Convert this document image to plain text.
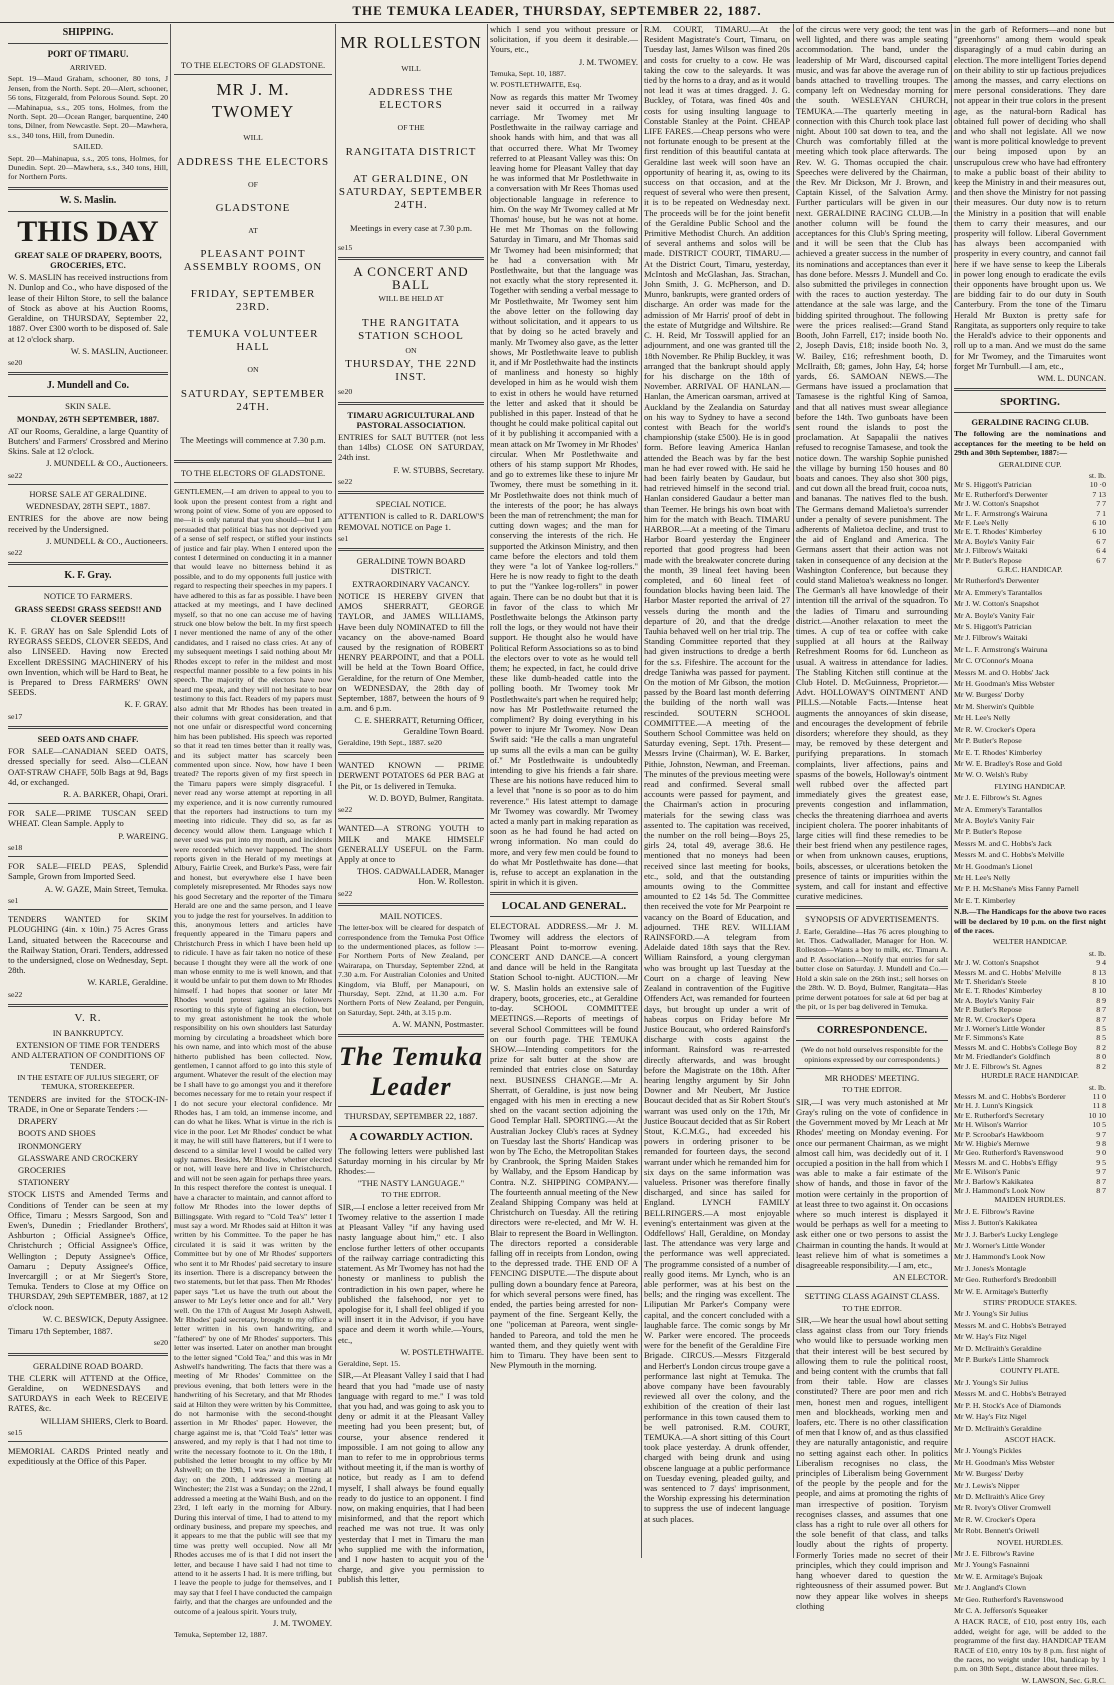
THE TEMUKA LEADER, THURSDAY, SEPTEMBER 22, 1887.
SHIPPING.
PORT OF TIMARU.

ARRIVED.

Sept. 19—Maud Graham, schooner, 80 tons, J Jensen, from the North. Sept. 20—Alert, schooner, 56 tons, Fitzgerald, from Pelorous Sound. Sept. 20—Mahinapua, s.s., 205 tons, Holmes, from the North. Sept. 20—Ocean Ranger, barquentine, 240 tons, Dilner, from Newcastle. Sept. 20—Mawhera, s.s., 340 tons, Hill, from Dunedin.

SAILED.

Sept. 20—Mahinapua, s.s., 205 tons, Holmes, for Dunedin. Sept. 20—Mawhera, s.s., 340 tons, Hill, for Northern Ports.

W. S. Maslin.
THIS DAY

GREAT SALE OF DRAPERY, BOOTS, GROCERIES, ETC.

W. S. MASLIN has received instructions from N. Dunlop and Co., who have disposed of the lease of their Hilton Store, to sell the balance of Stock as above at his Auction Rooms, Geraldine, on THURSDAY, September 22, 1887. Over £300 worth to be disposed of. Sale at 12 o'clock sharp.

W. S. MASLIN, Auctioneer.

se20

J. Mundell and Co.

SKIN SALE.

MONDAY, 26TH SEPTEMBER, 1887.

AT our Rooms, Geraldine, a large Quantity of Butchers' and Farmers' Crossbred and Merino Skins. Sale at 12 o'clock.

J. MUNDELL & CO., Auctioneers.

se22

HORSE SALE AT GERALDINE.

WEDNESDAY, 28TH SEPT., 1887.

ENTRIES for the above are now being received by the Undersigned.

J. MUNDELL & CO., Auctioneers.

se22

K. F. Gray.

NOTICE TO FARMERS.

GRASS SEEDS! GRASS SEEDS!! AND CLOVER SEEDS!!!

K. F. GRAY has on Sale Splendid Lots of RYEGRASS SEEDS, CLOVER SEEDS, And also LINSEED. Having now Erected Excellent DRESSING MACHINERY of his own Invention, which will be Hard to Beat, he is Prepared to Dress FARMERS' OWN SEEDS.

K. F. GRAY.

se17

SEED OATS AND CHAFF.

FOR SALE—CANADIAN SEED OATS, dressed specially for seed. Also—CLEAN OAT-STRAW CHAFF, 50lb Bags at 9d, Bags 4d, or exchanged.

R. A. BARKER, Ohapi, Orari.

FOR SALE—PRIME TUSCAN SEED WHEAT. Clean Sample. Apply to

P. WAREING.

se18

FOR SALE—FIELD PEAS, Splendid Sample, Grown from Imported Seed.

A. W. GAZE, Main Street, Temuka.

se1

TENDERS WANTED for SKIM PLOUGHING (4in. x 10in.) 75 Acres Grass Land, situated between the Racecourse and the Railway Station, Orari. Tenders, addressed to the undersigned, close on Wednesday, Sept. 28th.

W. KARLE, Geraldine.

se22

V. R.

IN BANKRUPTCY.

EXTENSION OF TIME FOR TENDERS AND ALTERATION OF CONDITIONS OF TENDER.

IN THE ESTATE OF JULIUS SIEGERT, OF TEMUKA, STOREKEEPER.

TENDERS are invited for the STOCK-IN-TRADE, in One or Separate Tenders :—

DRAPERY

BOOTS AND SHOES

IRONMONGERY

GLASSWARE AND CROCKERY

GROCERIES

STATIONERY

STOCK LISTS and Amended Terms and Conditions of Tender can be seen at my Office, Timaru ; Messrs Sargood, Son and Ewen's, Dunedin ; Friedlander Brothers', Ashburton ; Official Assignee's Office, Christchurch ; Official Assignee's Office, Wellington ; Deputy Assignee's Office, Oamaru ; Deputy Assignee's Office, Invercargill ; or at Mr Siegert's Store, Temuka. Tenders to Close at my Office on THURSDAY, 29th SEPTEMBER, 1887, at 12 o'clock noon.

W. C. BESWICK, Deputy Assignee.

Timaru 17th September, 1887.

se20

GERALDINE ROAD BOARD.

THE CLERK will ATTEND at the Office, Geraldine, on WEDNESDAYS and SATURDAYS in each Week to RECEIVE RATES, &c.

WILLIAM SHIERS, Clerk to Board.

se15

MEMORIAL CARDS Printed neatly and expeditiously at the Office of this Paper.

TO THE ELECTORS OF GLADSTONE.

MR J. M. TWOMEY

WILL

ADDRESS THE ELECTORS

OF

GLADSTONE

AT

PLEASANT POINT ASSEMBLY ROOMS, ON
FRIDAY, SEPTEMBER 23RD.
TEMUKA VOLUNTEER HALL

ON

SATURDAY, SEPTEMBER 24TH.

The Meetings will commence at 7.30 p.m.

TO THE ELECTORS OF GLADSTONE.

GENTLEMEN,—I am driven to appeal to you to look upon the present contest from a right and wrong point of view. Some of you are opposed to me—it is only natural that you should—but I am persuaded that political bias has not deprived you of a sense of self respect, or stifled your instincts of justice and fair play. When I entered upon the contest I determined on conducting it in a manner that would leave no bitterness behind it as possible, and to do my opponents full justice with regard to respecting their speeches in my papers. I have adhered to this as far as possible. I have been attacked at my meetings, and I have declined myself, so that no one can accuse me of having struck one blow below the belt. In my first speech I never mentioned the name of any of the other candidates, and I raised no class cries. At any of my subsequent meetings I said nothing about Mr Rhodes except to refer in the mildest and most respectful manner possible to a few points in his speech. The majority of the electors have now heard me speak, and they will not hesitate to bear testimony to this fact. Readers of my papers must also admit that Mr Rhodes has been treated in their columns with great consideration, and that not one unfair or disrespectful word concerning him has been published. His speech was reported so that it read ten times better than it really was, and its subject matter has scarcely been commented upon since. Now, how have I been treated? The reports given of my first speech in the Timaru papers were simply disgraceful. I never read any worse attempt at reporting in all my experience, and it is now currently rumoured that the reporters had instructions to turn my meeting into ridicule. They did so, as far as decency would allow them. Language which I never used was put into my mouth, and incidents were recorded which never happened. The short reports given in the Herald of my meetings at Albury, Fairlie Creek, and Burke's Pass, were fair and honest, but everywhere else I have been completely misrepresented. Mr Rhodes says now his good Secretary and the reporter of the Timaru Herald are one and the same person, and I leave you to judge the rest for yourselves. In addition to this, anonymous letters and articles have frequently appeared in the Timaru papers and Christchurch Press in which I have been held up to ridicule. I have as fair taken no notice of these because I thought they were all the work of one man whose enmity to me is well known, and that it would be unfair to put them down to Mr Rhodes himself. I had hopes that sooner or later Mr Rhodes would protest against his followers resorting to this style of fighting an election, but to my great astonishment he took the whole responsibility on his own shoulders last Saturday morning by circulating a broadsheet which bore his own name, and into which most of the abuse hitherto published has been collected. Now, gentlemen, I cannot afford to go into this style of argument. Whatever the result of the election may be I shall have to go amongst you and it therefore becomes necessary for me to retain your respect if I do not secure your electoral confidence. Mr Rhodes has, I am told, an immense income, and can do what he likes. What is virtue in the rich is vice in the poor. Let Mr Rhodes' conduct be what it may, he will still have flatterers, but if I were to descend to a similar level I would be called very ugly names. Besides, Mr Rhodes, whether elected or not, will leave here and live in Christchurch, and will not be seen again for perhaps three years. In this respect therefore the contest is unequal. I have a character to maintain, and cannot afford to follow Mr Rhodes into the lower depths of Billingsgate. With regard to "Cold Tea's" letter I must say a word. Mr Rhodes said at Hilton it was written by his Committee. To the paper he has circulated it is said it was written by the Committee but by one of Mr Rhodes' supporters who sent it to Mr Rhodes' paid secretary to insure its insertion. There is a discrepancy between the two statements, but let that pass. Then Mr Rhodes' paper says "Let us have the truth out about the answer to Mr Ley's letter once and for all." Very well. On the 17th of August Mr Joseph Ashwell, Mr Rhodes' paid secretary, brought to my office a letter written in his own handwriting, and "fathered" by one of Mr Rhodes' supporters. This letter was inserted. Later on another man brought to the letter signed "Cold Tea," and this was in Mr Ashwell's handwriting. The facts that there was a meeting of Mr Rhodes' Committee on the previous evening, that both letters were in the handwriting of his Secretary, and that Mr Rhodes said at Hilton they were written by his Committee, do not harmonise with the second-thought assertion in Mr Rhodes' paper. However, the charge against me is, that "Cold Tea's" letter was answered, and my reply is that I had not time to write the necessary footnote to it. On the 18th, I published the letter brought to my office by Mr Ashwell; on the 19th, I was away in Timaru all day; on the 20th, I addressed a meeting at Winchester; the 21st was a Sunday; on the 22nd, I addressed a meeting at the Waihi Bush, and on the 23rd, I left early in the morning for Albury. During this interval of time, I had to attend to my ordinary business, and prepare my speeches, and it appears to me that the public will see that my time was pretty well occupied. Now all Mr Rhodes accuses me of is that I did not insert the letter, and because I have said I had not time to attend to it he asserts I had. It is mere trifling, but I leave the people to judge for themselves, and I may say that I feel I have conducted the campaign fairly, and that the charges are unfounded and the outcome of a jealous spirit. Yours truly,

J. M. TWOMEY.

Temuka, September 12, 1887.

MR ROLLESTON

WILL

ADDRESS THE ELECTORS

OF THE

RANGITATA DISTRICT
AT GERALDINE, ON SATURDAY, SEPTEMBER 24TH.

Meetings in every case at 7.30 p.m.

se15

A CONCERT AND BALL

WILL BE HELD AT

THE RANGITATA STATION SCHOOL

ON

THURSDAY, THE 22ND INST.

se20

TIMARU AGRICULTURAL AND PASTORAL ASSOCIATION.

ENTRIES for SALT BUTTER (not less than 14lbs) CLOSE ON SATURDAY, 24th inst.

F. W. STUBBS, Secretary.

se22

SPECIAL NOTICE.

ATTENTION is called to R. DARLOW'S REMOVAL NOTICE on Page 1.

se1

GERALDINE TOWN BOARD DISTRICT.

EXTRAORDINARY VACANCY.

NOTICE IS HEREBY GIVEN that AMOS SHERRATT, GEORGE TAYLOR, and JAMES WILLIAMS, Have been duly NOMINATED to fill the vacancy on the above-named Board caused by the resignation of ROBERT HENRY PEARPOINT, and that a POLL will be held at the Town Board Office, Geraldine, for the return of One Member, on WEDNESDAY, the 28th day of September, 1887, between the hours of 9 a.m. and 6 p.m.

C. E. SHERRATT, Returning Officer, Geraldine Town Board.

Geraldine, 19th Sept., 1887. se20

WANTED KNOWN — PRIME DERWENT POTATOES 6d PER BAG at the Pit, or 1s delivered in Temuka.

W. D. BOYD, Bulmer, Rangitata.

se22

WANTED—A STRONG YOUTH to MILK and MAKE HIMSELF GENERALLY USEFUL on the Farm. Apply at once to

THOS. CADWALLADER, Manager Hon. W. Rolleston.

se22

MAIL NOTICES.

The letter-box will be cleared for despatch of correspondence from the Temuka Post Office to the undermentioned places, as follow :— For Northern Ports of New Zealand, per Wairarapa, on Thursday, September 22nd, at 7.30 a.m. For Australian Colonies and United Kingdom, via Bluff, per Manapouri, on Thursday, Sept. 22nd, at 11.30 a.m. For Northern Ports of New Zealand, per Penguin, on Saturday, Sept. 24th, at 3.15 p.m.

A. W. MANN, Postmaster.

The Temuka Leader

THURSDAY, SEPTEMBER 22, 1887.

A COWARDLY ACTION.

The following letters were published last Saturday morning in his circular by Mr Rhodes:—

"THE NASTY LANGUAGE."

TO THE EDITOR.

SIR,—I enclose a letter received from Mr Twomey relative to the assertion I made at Pleasant Valley "if any having used nasty language about him," etc. I also enclose further letters of other occupants of the railway carriage contradicting this statement. As Mr Twomey has not had the honesty or manliness to publish the contradiction in his own paper, where he published the falsehood, nor yet to apologise for it, I shall feel obliged if you will insert it in the Advisor, if you have space and deem it worth while.—Yours, etc.,

W. POSTLETHWAITE.

Geraldine, Sept. 15.

SIR,—At Pleasant Valley I said that I had heard that you had "made use of nasty language with regard to me." I was told that you had, and was going to ask you to deny or admit it at the Pleasant Valley meeting had you been present; but, of course, your absence rendered it impossible. I am not going to allow any man to refer to me in opprobrious terms without meeting it, if the man is worthy of notice, but ready as I am to defend myself, I shall always be found equally ready to do justice to an opponent. I find now, on making enquiries, that I had been misinformed, and that the report which reached me was not true. It was only yesterday that I met in Timaru the man who supplied me with the information, and I now hasten to acquit you of the charge, and give you permission to publish this letter,

which I send you without pressure or solicitation, if you deem it desirable.—Yours, etc.,

J. M. TWOMEY.

Temuka, Sept. 10, 1887.

W. POSTLETHWAITE, Esq.

Now as regards this matter Mr Twomey never said it occurred in a railway carriage. Mr Twomey met Mr Postlethwaite in the railway carriage and shook hands with him, and that was all that occurred there. What Mr Twomey referred to at Pleasant Valley was this: On leaving home for Pleasant Valley that day he was informed that Mr Postlethwaite in a conversation with Mr Rees Thomas used objectionable language in reference to him. On the way Mr Twomey called at Mr Thomas' house, but he was not at home. He met Mr Thomas on the following Saturday in Timaru, and Mr Thomas said Mr Twomey had been misinformed; that he had a conversation with Mr Postlethwaite, but that the language was not exactly what the story represented it. Together with sending a verbal message to Mr Postlethwaite, Mr Twomey sent him the above letter on the following day without solicitation, and it appears to us that by doing so he acted bravely and manly. Mr Twomey also gave, as the letter shows, Mr Postlethwaite leave to publish it, and if Mr Postlethwaite had the instincts of manliness and honesty so highly developed in him as he would wish them to exist in others he would have returned the letter and asked that it should be published in this paper. Instead of that he thought he could make political capital out of it by publishing it accompanied with a mean attack on Mr Twomey in Mr Rhodes' circular. When Mr Postlethwaite and others of his stamp support Mr Rhodes, and go to extremes like these to injure Mr Twomey, there must be something in it. Mr Postlethwaite does not think much of the interests of the poor; he has always been the man of retrenchment; the man for cutting down wages; and the man for conserving the interests of the rich. He supported the Atkinson Ministry, and then came before the electors and told them they were "a lot of Yankee log-rollers." Here he is now ready to fight to the death to put the "Yankee log-rollers" in power again. There can be no doubt but that it is in favor of the class to which Mr Postlethwaite belongs the Atkinson party roll the logs, or they would not have their support. He thought also he would have Political Reform Associations so as to bind the electors over to vote as he would tell them; he expected, in fact, he could drive these like dumb-headed cattle into the polling booth. Mr Twomey took Mr Postlethwaite's part when he required help; now has Mr Postlethwaite returned the compliment? By doing everything in his power to injure Mr Twomey. Now Dean Swift said: "He the calls a man ungrateful up sums all the evils a man can be guilty of." Mr Postlethwaite is undoubtedly intending to give his friends a fair share. These are his notions have reduced him to a level that "none is so poor as to do him reverence." His latest attempt to damage Mr Twomey was cowardly. Mr Twomey acted a manly part in making reparation as soon as he had found he had acted on wrong information. No man could do more, and very few men could be found to do what Mr Postlethwaite has done—that is, refuse to accept an explanation in the spirit in which it is given.

LOCAL AND GENERAL.

ELECTORAL ADDRESS.—Mr J. M. Twomey will address the electors of Pleasant Point to-morrow evening. CONCERT AND DANCE.—A concert and dance will be held in the Rangitata Station School to-night. AUCTION.—Mr W. S. Maslin holds an extensive sale of drapery, boots, groceries, etc., at Geraldine to-day. SCHOOL COMMITTEE MEETINGS.—Reports of meetings of several School Committees will be found on our fourth page. THE TEMUKA SHOW.—Intending competitors for the prize for salt butter at the show are reminded that entries close on Saturday next. BUSINESS CHANGE.—Mr A. Sherratt, of Geraldine, is just now being engaged with his men in erecting a new shed on the vacant section adjoining the Good Templar Hall. SPORTING.—At the Australian Jockey Club's races at Sydney on Tuesday last the Shorts' Handicap was won by The Echo, the Metropolitan Stakes by Cranbrook, the Spring Maiden Stakes by Wallaby, and the Epsom Handicap by Contra. N.Z. SHIPPING COMPANY.—The fourteenth annual meeting of the New Zealand Shipping Company was held at Christchurch on Tuesday. All the retiring directors were re-elected, and Mr W. H. Blair to represent the Board in Wellington. The directors reported a considerable falling off in receipts from London, owing to the depressed trade. THE END OF A FENCING DISPUTE.—The dispute about pulling down a boundary fence at Pareora, for which several persons were fined, has ended, the parties being arrested for non-payment of the fine. Sergeant Kelly, the one "policeman at Pareora, went single-handed to Pareora, and told the men he wanted them, and they quietly went with him to Timaru. They have been sent to New Plymouth in the morning.

R.M. COURT, TIMARU.—At the Resident Magistrate's Court, Timaru, on Tuesday last, James Wilson was fined 20s and costs for cruelty to a cow. He was taking the cow to the saleyards. It was tied by the horns to a dray, and as it would not lead it was at times dragged. J. G. Buckley, of Totara, was fined 40s and costs for using insulting language to Constable Stanley at the Point. CHEAP LIFE FARES.—Cheap persons who were not fortunate enough to be present at the first rendition of this beautiful cantata at Geraldine last week will soon have an opportunity of hearing it, as, owing to its success on that occasion, and at the request of several who were then present, it is to be repeated on Wednesday next. The proceeds will be for the joint benefit of the Geraldine Public School and the Primitive Methodist Church. An addition of several anthems and solos will be made. DISTRICT COURT, TIMARU.—At the District Court, Timaru, yesterday, McIntosh and McGlashan, Jas. Strachan, John Smith, J. G. McPherson, and D. Munro, bankrupts, were granted orders of discharge. An order was made for the admission of Mr Harris' proof of debt in the estate of Mutgridge and Wiltshire. Re C. H. Reid, Mr Tosswill applied for an adjournment, and one was granted till the 18th November. Re Philip Buckley, it was arranged that the bankrupt should apply for his discharge on the 18th of November. ARRIVAL OF HANLAN.—Hanlan, the American oarsman, arrived at Auckland by the Zealandia on Saturday on his way to Sydney to have a second contest with Beach for the world's championship (stake £500). He is in good form. Before leaving America Hanlan attended the Beach was by far the best man he had ever rowed with. He said he had been fairly beaten by Gaudaur, but had retrieved himself in the second trial. Hanlan considered Gaudaur a better man than Teemer. He brings his own boat with him for the match with Beach. TIMARU HARBOR.—At a meeting of the Timaru Harbor Board yesterday the Engineer reported that good progress had been made with the breakwater concrete during the month, 39 lineal feet having been completed, and 60 lineal feet of foundation blocks having been laid. The Harbor Master reported the arrival of 27 vessels during the month and the departure of 20, and that the dredge Tauhia behaved well on her trial trip. The Standing Committee reported that they had given instructions to dredge a berth for the s.s. Fifeshire. The account for the dredge Taniwha was passed for payment. On the motion of Mr Gibson, the motion passed by the Board last month deferring the building of the north wall was rescinded. SOUTERN SCHOOL COMMITTEE.—A meeting of the Southern School Committee was held on Saturday evening, Sept. 17th. Present—Messrs Irvine (Chairman), W. E. Barker, Pithie, Johnston, Newman, and Freeman. The minutes of the previous meeting were read and confirmed. Several small accounts were passed for payment, and the Chairman's action in procuring materials for the sewing class was assented to. The capitation was received, the number on the roll being—Boys 25, girls 24, total 49, average 38.6. He mentioned that no moneys had been received since last meeting for books, etc., sold, and that the outstanding amounts owing to the Committee amounted to £2 14s 5d. The Committee then received the vote for Mr Pearpoint re vacancy on the Board of Education, and adjourned. THE REV. WILLIAM RAINSFORD.—A telegram from Adelaide dated 18th says that the Rev. William Rainsford, a young clergyman who was brought up last Tuesday at the Court on a charge of leaving New Zealand in contravention of the Fugitive Offenders Act, was remanded for fourteen days, but brought up under a writ of habeas corpus on Friday before Mr Justice Boucaut, who ordered Rainsford's discharge with costs against the informant. Rainsford was re-arrested directly afterwards, and was brought before the Magistrate on the 18th. After hearing lengthy argument by Sir John Downer and Mr Neubert, Mr Justice Boucaut decided that as Sir Robert Stout's warrant was used only on the 17th, Mr Justice Boucaut decided that as Sir Robert Stout, K.C.M.G., had exceeded his powers in ordering prisoner to be remanded for fourteen days, the second warrant under which he remanded him for six days on the same information was valueless. Prisoner was therefore finally discharged, and since has sailed for England. LYNCH FAMILY BELLRINGERS.—A most enjoyable evening's entertainment was given at the Oddfellows' Hall, Geraldine, on Monday last. The attendance was very large and the performance was well appreciated. The programme consisted of a number of really good items. Mr Lynch, who is an able performer, was at his best on the bells; and the ringing was excellent. The Liliputian Mr Parker's Company were capital, and the concert concluded with a laughable farce. The comic songs by Mr W. Parker were encored. The proceeds were for the benefit of the Geraldine Fire Brigade. CIRCUS.—Messrs Fitzgerald and Herbert's London circus troupe gave a performance last night at Temuka. The above company have been favourably reviewed all over the colony, and the exhibition of the creation of their last performance in this town caused them to be well patronised. R.M. COURT, TEMUKA.—A short sitting of this Court took place yesterday. A drunk offender, charged with being drunk and using obscene language at a public performance on Tuesday evening, pleaded guilty, and was sentenced to 7 days' imprisonment, the Worship expressing his determination to suppress the use of indecent language at such places.

of the circus were very good; the tent was well lighted, and there was ample seating accommodation. The band, under the leadership of Mr Ward, discoursed capital music, and was far above the average run of bands attached to travelling troupes. The company left on Wednesday morning for the south. WESLEYAN CHURCH, TEMUKA.—The quarterly meeting in connection with this Church took place last night. About 100 sat down to tea, and the Church was comfortably filled at the meeting which took place afterwards. The Rev. W. G. Thomas occupied the chair. Speeches were delivered by the Chairman, the Rev. Mr Dickson, Mr J. Brown, and Captain Kissel, of the Salvation Army. Further particulars will be given in our next. GERALDINE RACING CLUB.—In another column will be found the acceptances for this Club's Spring meeting, and it will be seen that the Club has achieved a greater success in the number of its nominations and acceptances than ever it has done before. Messrs J. Mundell and Co. also submitted the privileges in connection with the races to auction yesterday. The attendance at the sale was large, and the bidding spirited throughout. The following were the prices realised:—Grand Stand Booth, John Farrell, £17; inside booth No. 2, Joseph Davis, £18; inside booth No. 3, W. Bailey, £16; refreshment booth, D. McIlraith, £8; games, John Hay, £4; horse yards, £6. SAMOAN NEWS.—The Germans have issued a proclamation that Tamasese is the rightful King of Samoa, and that all natives must swear allegiance before the 14th. Two gunboats have been sent round the islands to post the proclamation. At Sapapalii the natives refused to recognise Tamasese, and took the notice down. The warship Sophie punished the village by burning 150 houses and 80 boats and canoes. They also shot 300 pigs, and cut down all the bread fruit, cocoa nuts, and bananas. The natives fled to the bush. The Germans demand Malietoa's surrender under a penalty of severe punishment. The adherents of Malietoa decline, and trust to the aid of England and America. The Germans assert that their action was not taken in consequence of any decision at the Washington Conference, but because they could stand Malietoa's weakness no longer. The German's all have knowledge of their intention till the arrival of the squadron. To the ladies of Timaru and surrounding district.—Another relaxation to meet the times. A cup of tea or coffee with cake supplied at all hours at the Railway Refreshment Rooms for 6d. Luncheon as usual. A waitress in attendance for ladies. The Stabling Kitchen still continue at the Club Hotel. D. McGuinness, Proprietor.—Advt. HOLLOWAY'S OINTMENT AND PILLS.—Notable Facts.—Intense heat augments the annoyances of skin disease, and encourages the development of febrile disorders; wherefore they should, as they may, be removed by these detergent and purifying preparations. In stomach complaints, liver affections, pains and spasms of the bowels, Holloway's ointment well rubbed over the affected part immediately gives the greatest ease, prevents congestion and inflammation, checks the threatening diarrhoea and averts incipient cholera. The poorer inhabitants of large cities will find these remedies to be their best friend when any pestilence rages, or when from unknown causes, eruptions, boils, abscesses, or ulcerations betoken the presence of taints or impurities within the system, and call for instant and effective curative medicines.

SYNOPSIS OF ADVERTISEMENTS.

J. Earle, Geraldine—Has 76 acres ploughing to let. Thos. Cadwallader, Manager for Hon. W. Rolleston—Wants a boy to milk, etc. Timaru A. and P. Association—Notify that entries for salt butter close on Saturday. J. Mundell and Co.—Hold a skin sale on the 26th inst.; sell horses on the 28th. W. D. Boyd, Bulmer, Rangitata—Has prime derwent potatoes for sale at 6d per bag at the pit, or 1s per bag delivered in Temuka.

CORRESPONDENCE.

(We do not hold ourselves responsible for the opinions expressed by our correspondents.)

MR RHODES' MEETING.

TO THE EDITOR.

SIR,—I was very much astonished at Mr Gray's ruling on the vote of confidence in the Government moved by Mr Leach at Mr Rhodes' meeting on Monday evening. For once our permanent Chairman, as we might almost call him, was decidedly out of it. I occupied a position in the hall from which I was able to make a fair estimate of the show of hands, and those in favor of the motion were certainly in the proportion of at least three to two against it. On occasions where so much interest is displayed it would be perhaps as well for a meeting to ask either one or two persons to assist the Chairman in counting the hands. It would at least relieve him of what is sometimes a disagreeable responsibility.—I am, etc.,

AN ELECTOR.

SETTING CLASS AGAINST CLASS.

TO THE EDITOR.

SIR,—We hear the usual howl about setting class against class from our Tory friends who would like to persuade working men that their interest will be best secured by allowing them to rule the political roost, and being content with the crumbs that fall from their table. How are classes constituted? There are poor men and rich men, honest men and rogues, intelligent men and blockheads, working men and loafers, etc. There is no other classification of men that I know of, and as thus classified they are naturally antagonistic, and require no setting against each other. In politics Liberalism recognises no class, the principles of Liberalism being Government of the people by the people and for the people, and aims at promoting the rights of man irrespective of position. Toryism recognises classes, and assumes that one class has a right to rule over all others for the sole benefit of that class, and talks loudly about the rights of property. Formerly Tories made no secret of their principles, which they could imprison and hang whoever dared to question the righteousness of their assumed power. But now they appear like wolves in sheeps clothing

in the garb of Reformers—and none but "greenhorns" among them would speak disparagingly of a mud cabin during an election. The more intelligent Tories depend on their ability to stir up factious prejudices among the masses, and carry elections on mere personal considerations. They dare not appear in their true colors in the present age, as the natural-born Radical has obtained full power of deciding who shall and who shall not legislate. All we now want is more political knowledge to prevent our being imposed upon by an unscrupulous crew who have had effrontery to make a public boast of their ability to keep the Ministry in and their measures out, and then shove the Ministry for not passing their measures. Our duty now is to return the Ministry in a position that will enable them to carry their measures, and our prosperity will follow. Liberal Government has always been accompanied with prosperity in every country, and cannot fail here if we have sense to keep the Liberals in power long enough to eradicate the evils their opponents have brought upon us. We are bidding fair to do our duty in South Canterbury. From the tone of the Timaru Herald Mr Buxton is pretty safe for Rangitata, as supporters only require to take the Herald's advice to their opponents and roll up to a man. And we must do the same for Mr Twomey, and the Timaruites wont forget Mr Turnbull.—I am, etc.,

WM. L. DUNCAN.

SPORTING.

GERALDINE RACING CLUB.

The following are the nominations and acceptances for the meeting to be held on 29th and 30th September, 1887:—

GERALDINE CUP.

st. lb.
Mr S. Higgott's Patrician	10 ·0
Mr E. Rutherford's Derwenter	7 13
Mr J. W. Cotton's Snapshot	7 7
Mr L. F. Armstrong's Wairuna	7 1
Mr F. Lee's Nelly	6 10
Mr E. T. Rhodes' Kimberley	6 10
Mr A. Boyle's Vanity Fair	6 7
Mr J. Filbrow's Waitaki	6 4
Mr P. Butler's Repose	6 7

G.R.C. HANDICAP.

Mr Rutherford's Derwenter

Mr A. Emmery's Tarantallos

Mr J. W. Cotton's Snapshot

Mr A. Boyle's Vanity Fair

Mr S. Higgott's Patrician

Mr J. Filbrow's Waitaki

Mr L. F. Armstrong's Wairuna

Mr C. O'Connor's Moana

Messrs M. and O. Hobbs' Jack

Mr H. Goodman's Miss Webster

Mr W. Burgess' Dorby

Mr M. Sherwin's Quibble

Mr H. Lee's Nelly

Mr R. W. Crocker's Opera

Mr P. Butler's Repose

Mr E. T. Rhodes' Kimberley

Mr W. E. Bradley's Rose and Gold

Mr W. O. Welsh's Ruby

FLYING HANDICAP.

Mr J. E. Filbrow's St. Agnes

Mr A. Emmery's Tarantallos

Mr A. Boyle's Vanity Fair

Mr P. Butler's Repose

Messrs M. and C. Hobbs's Jack

Messrs M. and C. Hobbs's Melville

Mr H. Goodman's Lionel

Mr H. Lee's Nelly

Mr P. H. McShane's Miss Fanny Parnell

Mr E. T. Kimberley

N.B.—The Handicaps for the above two races will be declared by 10 p.m. on the first night of the races.

WELTER HANDICAP.

st. lb.
Mr J. W. Cotton's Snapshot	9 4
Messrs M. and C. Hobbs' Melville	8 13
Mr T. Sheridan's Steele	8 10
Mr E. T. Rhodes' Kimberley	8 10
Mr A. Boyle's Vanity Fair	8 9
Mr P. Butler's Repose	8 7
Mr R. W. Crocker's Opera	8 7
Mr J. Worner's Little Wonder	8 5
Mr F. Simmons's Kate	8 5
Messrs M. and C. Hobbs's College Boy	8 2
Mr M. Friedlander's Goldfinch	8 0
Mr J. E. Filbrow's St. Agnes	8 2

HURDLE RACE HANDICAP.

st. lb.
Messrs M. and C. Hobbs's Borderer	11 0
Mr H. J. Lunn's Kingsick	11 8
Mr E. Rutherford's Secretary	10 10
Mr H. Wilson's Warrior	10 5
Mr P. Scroobar's Hawkboom	9 7
Mr W. Higbie's Mernwe	9 8
Mr Geo. Rutherford's Ravenswood	9 0
Messrs M. and C. Hobbs's Effigy	9 5
Mr E. Wilson's Panic	9 7
Mr J. Barlow's Kakikatea	8 7
Mr J. Hammond's Look Now	8 7

MAIDEN HURDLES.

Mr J. E. Filbrow's Ravine

Miss J. Button's Kakikatea

Mr J. J. Barber's Lucky Lenglege

Mr J. Worner's Little Wonder

Mr J. Hammond's Look Now

Mr J. Jones's Montagle

Mr Geo. Rutherford's Bredonbill

Mr W. E. Armitage's Butterfly

STIRS' PRODUCE STAKES.

Mr J. Young's Sir Julius

Messrs M. and C. Hobbs's Betrayed

Mr W. Hay's Fitz Nigel

Mr D. McIlraith's Geraldine

Mr P. Burke's Little Shamrock

COUNTY PLATE.

Mr J. Young's Sir Julius

Messrs M. and C. Hobbs's Betrayed

Mr P. H. Stock's Ace of Diamonds

Mr W. Hay's Fitz Nigel

Mr D. McIlraith's Geraldine

ASCOT HACK.

Mr J. Young's Pickles

Mr H. Goodman's Miss Webster

Mr W. Burgess' Derby

Mr J. Lewis's Nipper

Mr D. McIlraith's Alice Grey

Mr R. Ivory's Oliver Cromwell

Mr R. W. Crocker's Opera

Mr Robt. Bennett's Oriwell

NOVEL HURDLES.

Mr J. E. Filbrow's Ravine

Mr J. Young's Fasnainni

Mr W. E. Armitage's Bujoak

Mr J. Angland's Clown

Mr Geo. Rutherford's Ravenswood

Mr C. A. Jefferson's Squeaker

A HACK RACE, of £10, post entry 10s, each added, weight for age, will be added to the programme of the first day. HANDICAP TEAM RACE of £10, entry 10s by 8 p.m. first night of the races, no weight under 10st, handicap by 1 p.m. on 30th Sept., distance about three miles.

W. LAWSON, Sec. G.R.C.
